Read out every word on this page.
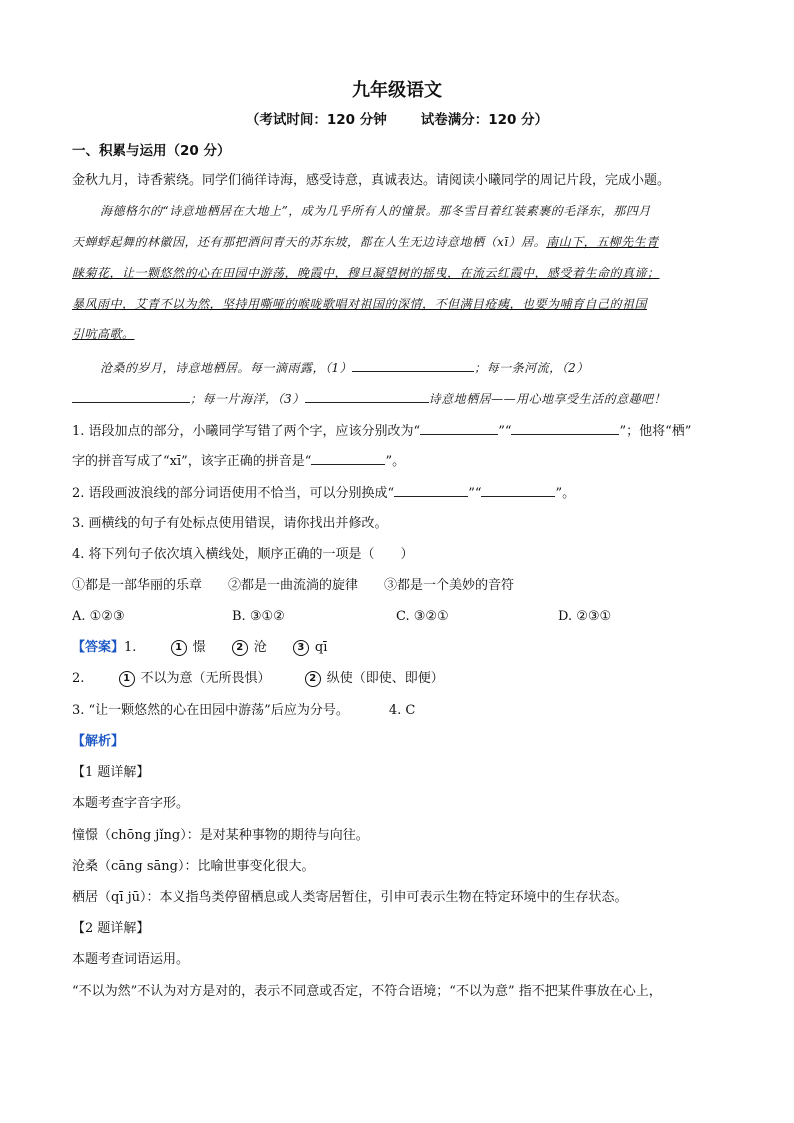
九年级语文
（考试时间：120 分钟	试卷满分：120 分）
一、积累与运用（20 分）
金秋九月，诗香萦绕。同学们徜徉诗海，感受诗意，真诚表达。请阅读小曦同学的周记片段，完成小题。
海德格尔的“诗意地栖居在大地上”，成为几乎所有人的憧景。那冬雪目着红装素裹的毛泽东，那四月
天蝉蜉起舞的林徽因，还有那把酒问青天的苏东坡，都在人生无边诗意地栖（xī）居。南山下，五柳先生青
睐菊花，让一颗悠然的心在田园中游荡，晚霞中，穆旦凝望树的摇曳，在流云红霞中，感受着生命的真谛；
暴风雨中，艾青不以为然，坚持用嘶哑的喉咙歌唱对祖国的深情，不但满目疮痍，也要为哺育自己的祖国
引吭高歌。
沧桑的岁月，诗意地栖居。每一滴雨露，（1）	；每一条河流，（2）
；每一片海洋，（3）	诗意地栖居——用心地享受生活的意趣吧！
1. 语段加点的部分，小曦同学写错了两个字，应该分别改为“	”“	”；他将“栖”
字的拼音写成了“xī”，该字正确的拼音是“	”。
2. 语段画波浪线的部分词语使用不恰当，可以分别换成“	”“	”。
3. 画横线的句子有处标点使用错误，请你找出并修改。
4. 将下列句子依次填入横线处，顺序正确的一项是（　　）
①都是一部华丽的乐章　　②都是一曲流淌的旋律　　③都是一个美妙的音符
A. ①②③	B. ③①②	C. ③②①	D. ②③①
【答案】1.	1 憬	2 沧	3 qī
2.	1 不以为意（无所畏惧）	2 纵使（即使、即便）
3. “让一颗悠然的心在田园中游荡”后应为分号。	4. C
【解析】
【1 题详解】
本题考查字音字形。
憧憬（chōng jǐng）：是对某种事物的期待与向往。
沧桑（cāng sāng）：比喻世事变化很大。
栖居（qī jū）：本义指鸟类停留栖息或人类寄居暂住，引申可表示生物在特定环境中的生存状态。
【2 题详解】
本题考查词语运用。
“不以为然”不认为对方是对的，表示不同意或否定，不符合语境；“不以为意” 指不把某件事放在心上，
